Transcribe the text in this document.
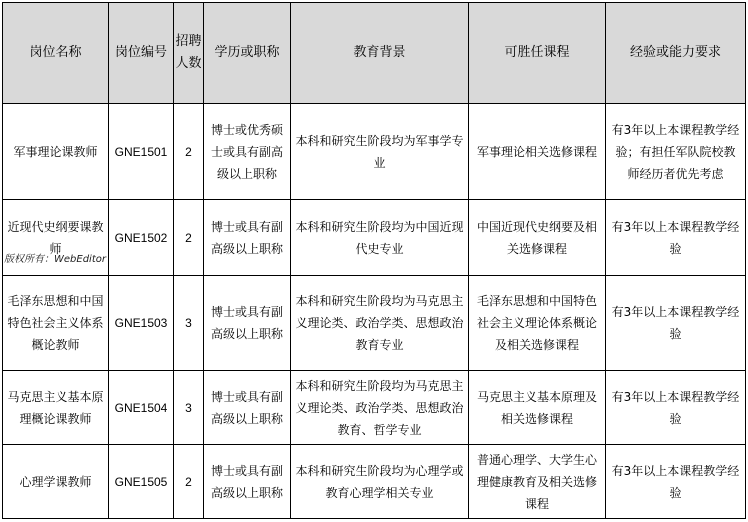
岗位名称	岗位编号	招聘人数	学历或职称	教育背景	可胜任课程	经验或能力要求
军事理论课教师	GNE1501	2	博士或优秀硕士或具有副高级以上职称	本科和研究生阶段均为军事学专业	军事理论相关选修课程	有3年以上本课程教学经验；有担任军队院校教师经历者优先考虑
近现代史纲要课教师	GNE1502	2	博士或具有副高级以上职称	本科和研究生阶段均为中国近现代史专业	中国近现代史纲要及相关选修课程	有3年以上本课程教学经验
毛泽东思想和中国特色社会主义体系概论教师	GNE1503	3	博士或具有副高级以上职称	本科和研究生阶段均为马克思主义理论类、政治学类、思想政治教育专业	毛泽东思想和中国特色社会主义理论体系概论及相关选修课程	有3年以上本课程教学经验
马克思主义基本原理概论课教师	GNE1504	3	博士或具有副高级以上职称	本科和研究生阶段均为马克思主义理论类、政治学类、思想政治教育、哲学专业	马克思主义基本原理及相关选修课程	有3年以上本课程教学经验
心理学课教师	GNE1505	2	博士或具有副高级以上职称	本科和研究生阶段均为心理学或教育心理学相关专业	普通心理学、大学生心理健康教育及相关选修课程	有3年以上本课程教学经验
版权所有：WebEditor
